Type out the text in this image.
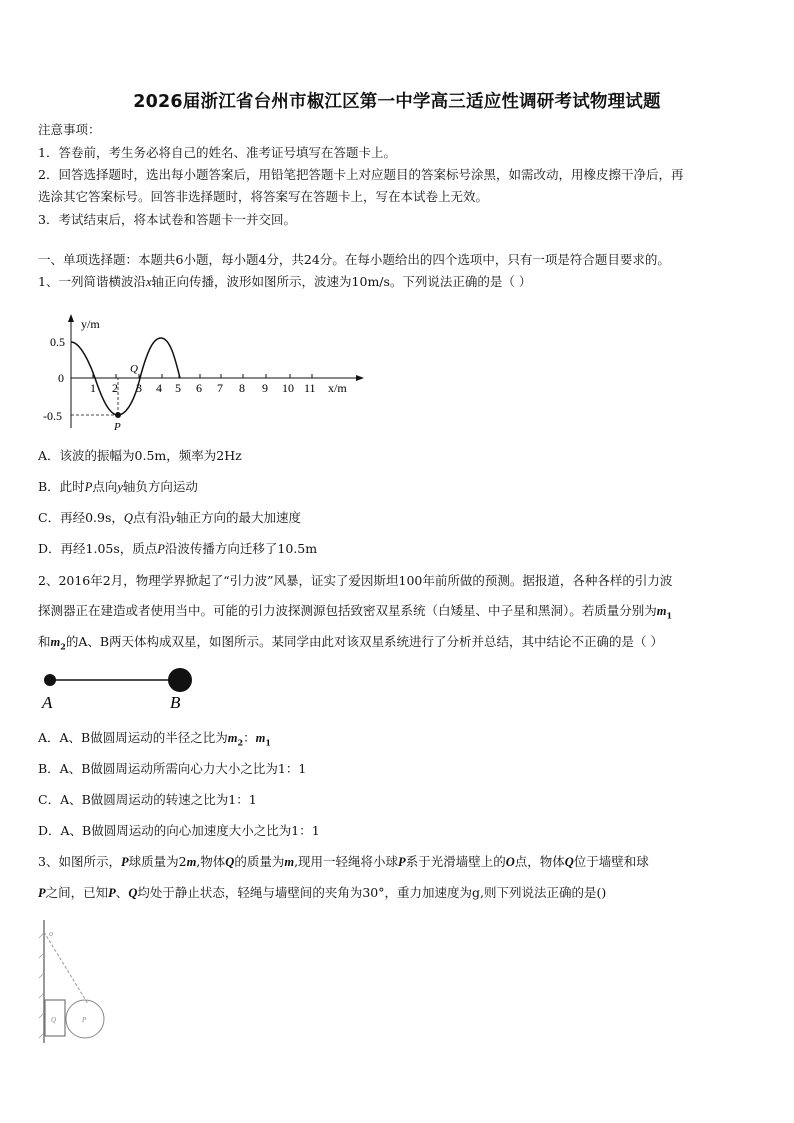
2026届浙江省台州市椒江区第一中学高三适应性调研考试物理试题
注意事项：
1．答卷前，考生务必将自己的姓名、准考证号填写在答题卡上。
2．回答选择题时，选出每小题答案后，用铅笔把答题卡上对应题目的答案标号涂黑，如需改动，用橡皮擦干净后，再
选涂其它答案标号。回答非选择题时，将答案写在答题卡上，写在本试卷上无效。
3．考试结束后，将本试卷和答题卡一并交回。
一、单项选择题：本题共6小题，每小题4分，共24分。在每小题给出的四个选项中，只有一项是符合题目要求的。
1、一列简谐横波沿x轴正向传播，波形如图所示，波速为10m/s。下列说法正确的是（ ）
y/m
x/m
0
0.5
-0.5
1 2 3 4 5 6 7 8 9 10 11
P
Q
A．该波的振幅为0.5m，频率为2Hz
B．此时P点向y轴负方向运动
C．再经0.9s，Q点有沿y轴正方向的最大加速度
D．再经1.05s，质点P沿波传播方向迁移了10.5m
2、2016年2月，物理学界掀起了“引力波”风暴，证实了爱因斯坦100年前所做的预测。据报道，各种各样的引力波
探测器正在建造或者使用当中。可能的引力波探测源包括致密双星系统（白矮星、中子星和黑洞）。若质量分别为$m_1$
和$m_2$的A、B两天体构成双星，如图所示。某同学由此对该双星系统进行了分析并总结，其中结论不正确的是（ ）
A	B
A．A、B做圆周运动的半径之比为$m_2$：$m_1$
B．A、B做圆周运动所需向心力大小之比为1：1
C．A、B做圆周运动的转速之比为1：1
D．A、B做圆周运动的向心加速度大小之比为1：1
3、如图所示，P球质量为2m,物体Q的质量为m,现用一轻绳将小球P系于光滑墙壁上的O点，物体Q位于墙壁和球
P之间，已知P、Q均处于静止状态，轻绳与墙壁间的夹角为30°，重力加速度为g,则下列说法正确的是()
o
Q	P
